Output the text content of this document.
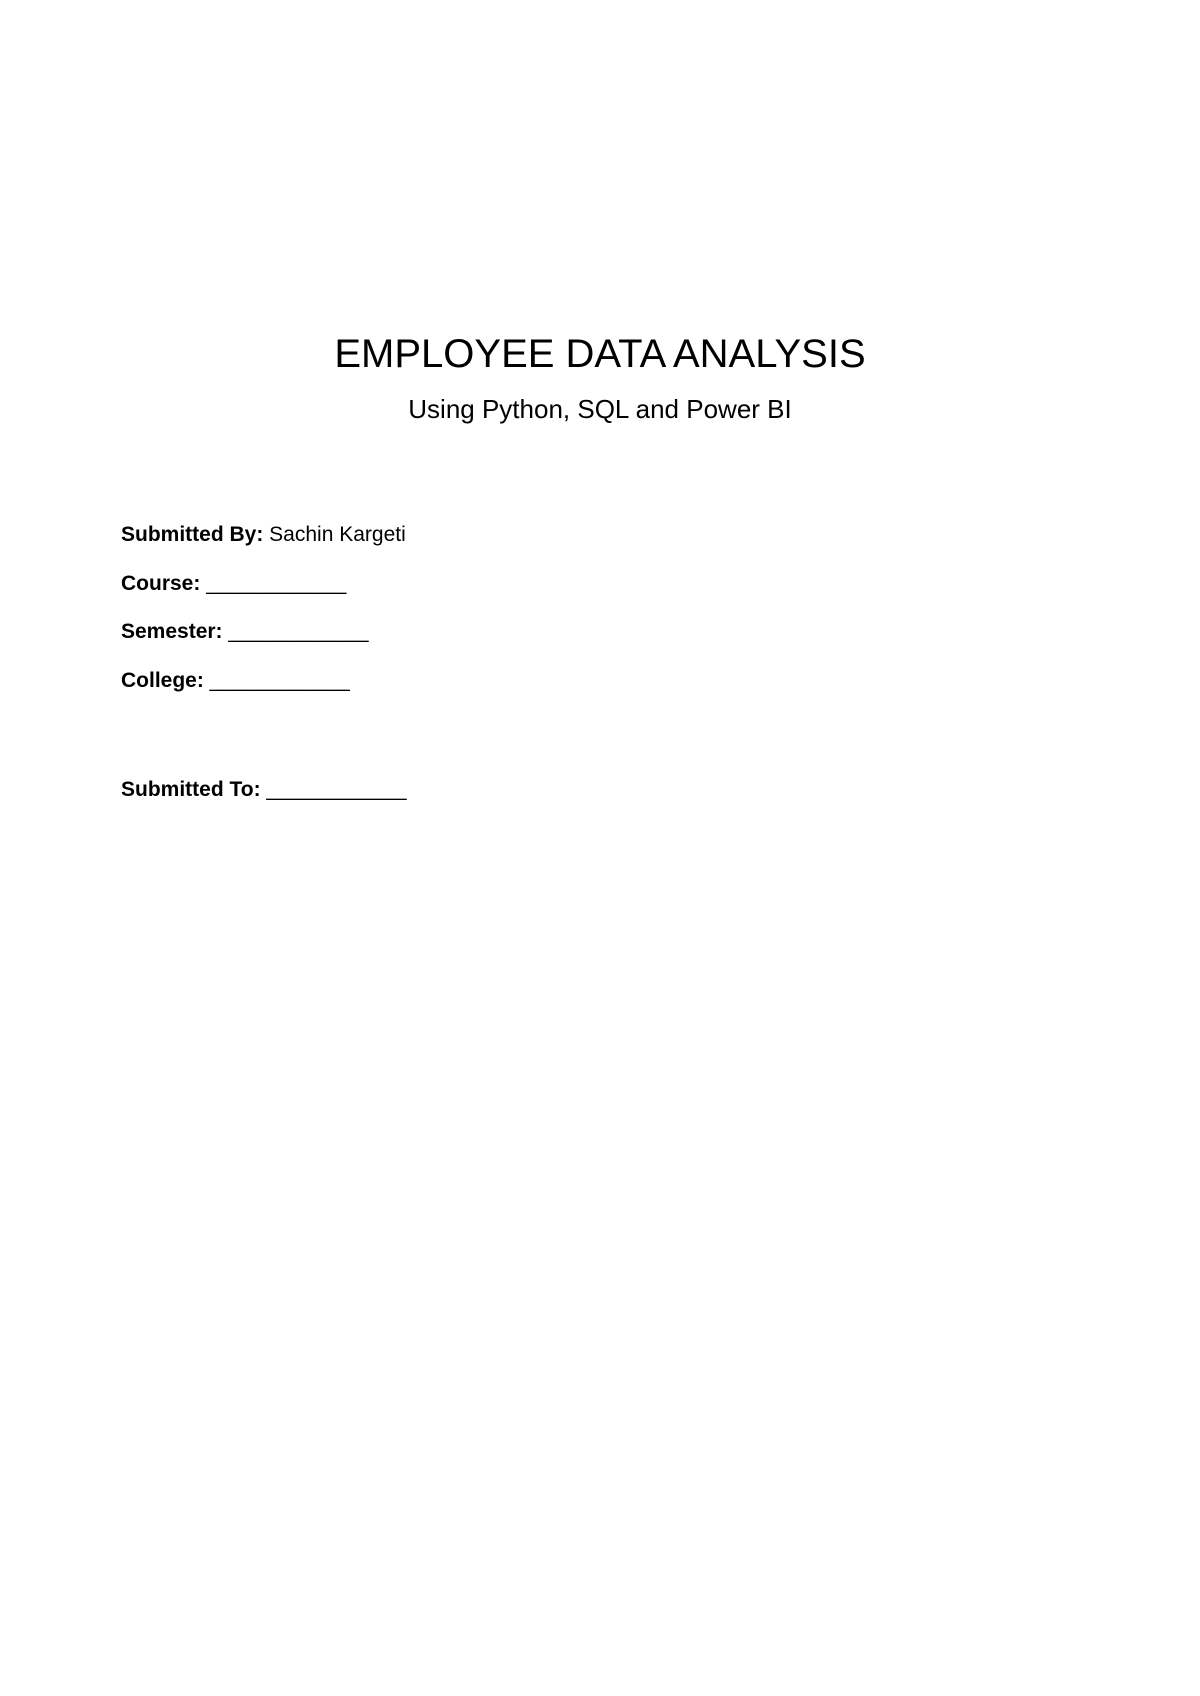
EMPLOYEE DATA ANALYSIS

Using Python, SQL and Power BI

Submitted By: Sachin Kargeti
Course: ____________
Semester: ____________
College: ____________
Submitted To: ____________
